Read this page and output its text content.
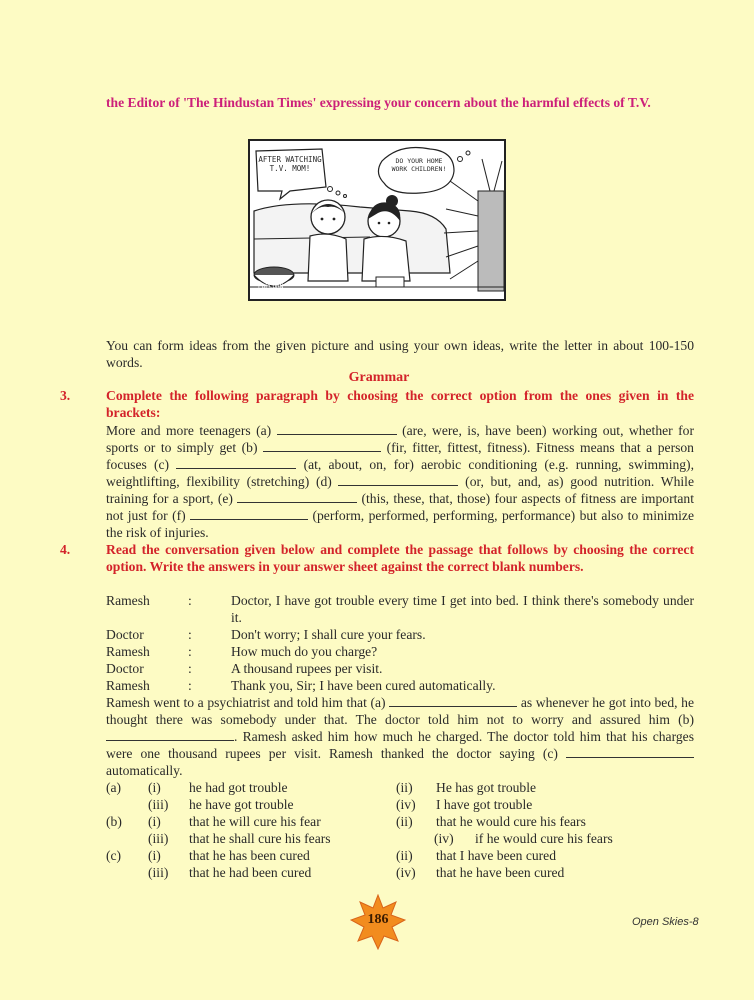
the Editor of 'The Hindustan Times' expressing your concern about the harmful effects of T.V.
AFTER WATCHING T.V. MOM!
DO YOUR HOME WORK CHILDREN!
POPCORN
You can form ideas from the given picture and using your own ideas, write the letter in about 100-150 words.
Grammar
3.	Complete the following paragraph by choosing the correct option from the ones given in the brackets:
More and more teenagers (a)	(are, were, is, have been) working out, whether for sports or to simply get (b)	(fir, fitter, fittest, fitness). Fitness means that a person focuses (c)	(at, about, on, for) aerobic conditioning (e.g. running, swimming), weightlifting, flexibility (stretching) (d)	(or, but, and, as) good nutrition. While training for a sport, (e)	(this, these, that, those) four aspects of fitness are important not just for (f)	(perform, performed, performing, performance) but also to minimize the risk of injuries.
4.	Read the conversation given below and complete the passage that follows by choosing the correct option. Write the answers in your answer sheet against the correct blank numbers.
Ramesh	:	Doctor, I have got trouble every time I get into bed. I think there's somebody under it.
Doctor	:	Don't worry; I shall cure your fears.
Ramesh	:	How much do you charge?
Doctor	:	A thousand rupees per visit.
Ramesh	:	Thank you, Sir; I have been cured automatically.
Ramesh went to a psychiatrist and told him that (a)	as whenever he got into bed, he thought there was somebody under that. The doctor told him not to worry and assured him (b) . Ramesh asked him how much he charged. The doctor told him that his charges were one thousand rupees per visit. Ramesh thanked the doctor saying (c)  automatically.
(a) (i) he had got trouble	(ii) He has got trouble
(iii) he have got trouble	(iv) I have got trouble
(b) (i) that he will cure his fear	(ii) that he would cure his fears
(iii) that he shall cure his fears	(iv) if he would cure his fears
(c) (i) that he has been cured	(ii) that I have been cured
(iii) that he had been cured	(iv) that he have been cured
186	Open Skies-8
